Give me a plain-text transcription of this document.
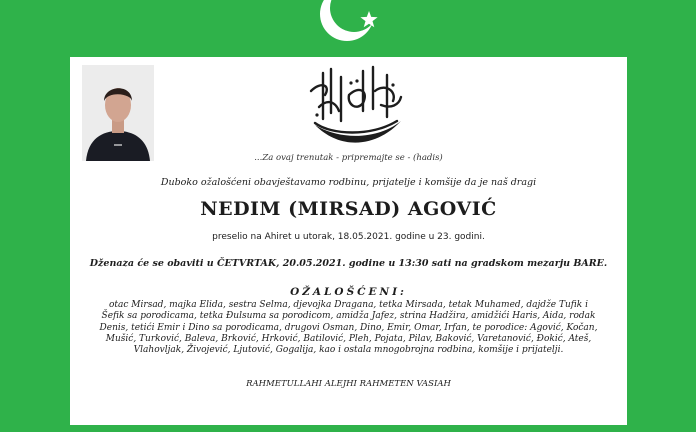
...Za ovaj trenutak - pripremajte se - (hadis)
Duboko ožalošćeni obavještavamo rodbinu, prijatelje i komšije da je naš dragi
NEDIM (MIRSAD) AGOVIĆ
preselio na Ahiret u utorak, 18.05.2021. godine u 23. godini.
Dženaza će se obaviti u ČETVRTAK, 20.05.2021. godine u 13:30 sati na gradskom mezarju BARE.
OŽALOŠĆENI:
otac Mirsad, majka Elida, sestra Selma, djevojka Dragana, tetka Mirsada, tetak Muhamed, dajdže Tufik i
Šefik sa porodicama, tetka Đulsuma sa porodicom, amidža Jafez, strina Hadžira, amidžići Haris, Aida, rodak
Denis, tetići Emir i Dino sa porodicama, drugovi Osman, Dino, Emir, Omar, Irfan, te porodice: Agović, Kočan,
Mušić, Turković, Baleva, Brković, Hrković, Batilović, Pleh, Pojata, Pilav, Baković, Varetanović, Đokić, Ateš,
Vlahovljak, Živojević, Ljutović, Gogalija, kao i ostala mnogobrojna rodbina, komšije i prijatelji.
RAHMETULLAHI ALEJHI RAHMETEN VASIAH
